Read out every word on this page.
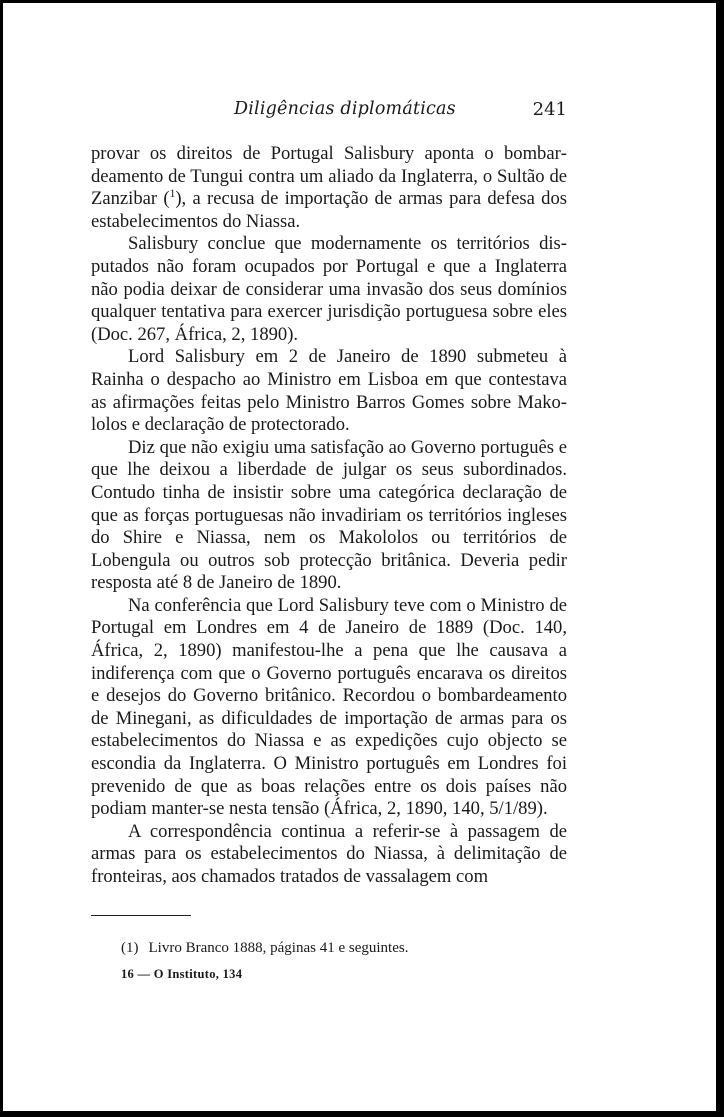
Diligências diplomáticas	241

provar os direitos de Portugal Salisbury aponta o bombardeamento de Tungui contra um aliado da Inglaterra, o Sultão de Zanzibar ($^1$), a recusa de importação de armas para defesa dos estabelecimentos do Niassa.

Salisbury conclue que modernamente os territórios disputados não foram ocupados por Portugal e que a Inglaterra não podia deixar de considerar uma invasão dos seus domínios qualquer tentativa para exercer jurisdição portuguesa sobre eles (Doc. 267, África, 2, 1890).

Lord Salisbury em 2 de Janeiro de 1890 submeteu à Rainha o despacho ao Ministro em Lisboa em que contestava as afirmações feitas pelo Ministro Barros Gomes sobre Makololos e declaração de protectorado.

Diz que não exigiu uma satisfação ao Governo português e que lhe deixou a liberdade de julgar os seus subordinados. Contudo tinha de insistir sobre uma categórica declaração de que as forças portuguesas não invadiriam os territórios ingleses do Shire e Niassa, nem os Makololos ou territórios de Lobengula ou outros sob protecção britânica. Deveria pedir resposta até 8 de Janeiro de 1890.

Na conferência que Lord Salisbury teve com o Ministro de Portugal em Londres em 4 de Janeiro de 1889 (Doc. 140, África, 2, 1890) manifestou-lhe a pena que lhe causava a indiferença com que o Governo português encarava os direitos e desejos do Governo britânico. Recordou o bombardeamento de Minegani, as dificuldades de importação de armas para os estabelecimentos do Niassa e as expedições cujo objecto se escondia da Inglaterra. O Ministro português em Londres foi prevenido de que as boas relações entre os dois países não podiam manter-se nesta tensão (África, 2, 1890, 140, 5/1/89).

A correspondência continua a referir-se à passagem de armas para os estabelecimentos do Niassa, à delimitação de fronteiras, aos chamados tratados de vassalagem com

(1) Livro Branco 1888, páginas 41 e seguintes.
16 — O Instituto, 134
